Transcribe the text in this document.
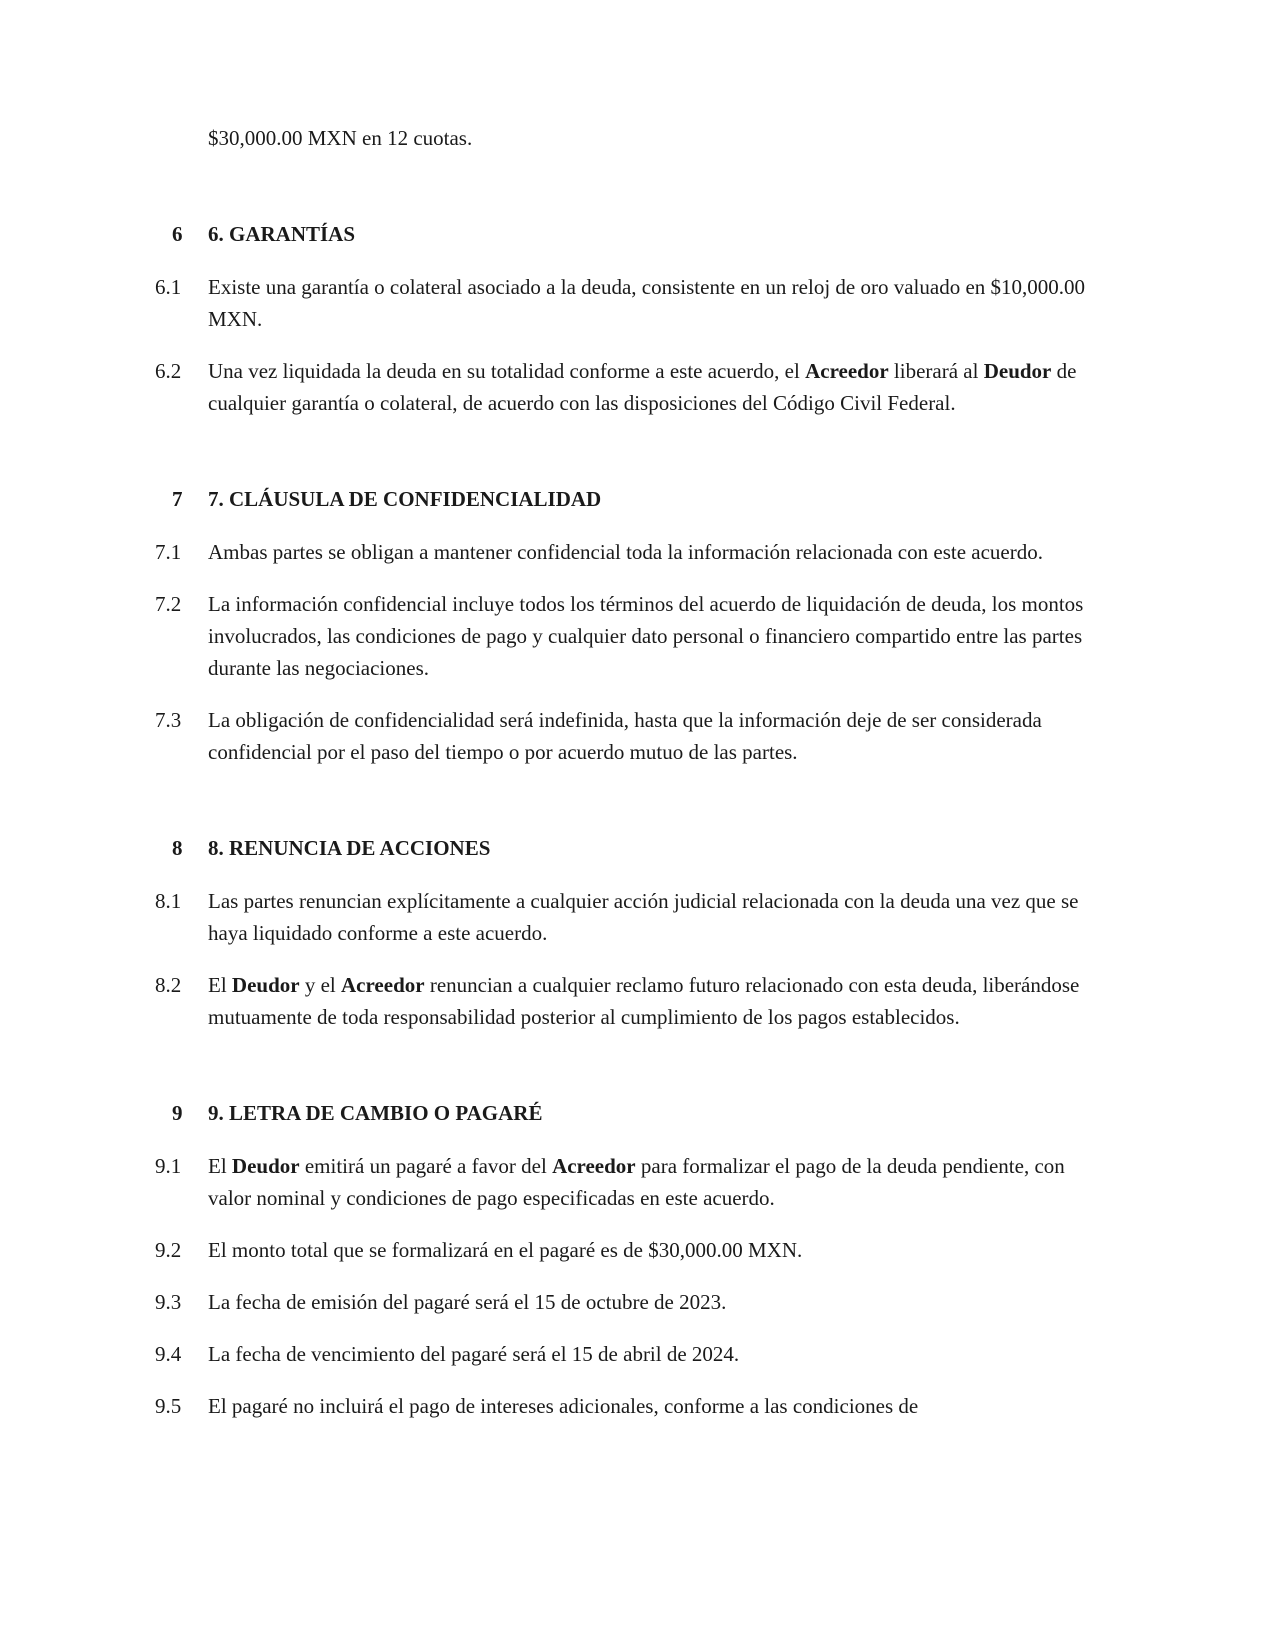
$30,000.00 MXN en 12 cuotas.

6 6. GARANTÍAS
6.1 Existe una garantía o colateral asociado a la deuda, consistente en un reloj de oro valuado en $10,000.00 MXN.

6.2 Una vez liquidada la deuda en su totalidad conforme a este acuerdo, el Acreedor liberará al Deudor de cualquier garantía o colateral, de acuerdo con las disposiciones del Código Civil Federal.

7 7. CLÁUSULA DE CONFIDENCIALIDAD
7.1 Ambas partes se obligan a mantener confidencial toda la información relacionada con este acuerdo.

7.2 La información confidencial incluye todos los términos del acuerdo de liquidación de deuda, los montos involucrados, las condiciones de pago y cualquier dato personal o financiero compartido entre las partes durante las negociaciones.

7.3 La obligación de confidencialidad será indefinida, hasta que la información deje de ser considerada confidencial por el paso del tiempo o por acuerdo mutuo de las partes.

8 8. RENUNCIA DE ACCIONES
8.1 Las partes renuncian explícitamente a cualquier acción judicial relacionada con la deuda una vez que se haya liquidado conforme a este acuerdo.

8.2 El Deudor y el Acreedor renuncian a cualquier reclamo futuro relacionado con esta deuda, liberándose mutuamente de toda responsabilidad posterior al cumplimiento de los pagos establecidos.

9 9. LETRA DE CAMBIO O PAGARÉ
9.1 El Deudor emitirá un pagaré a favor del Acreedor para formalizar el pago de la deuda pendiente, con valor nominal y condiciones de pago especificadas en este acuerdo.

9.2 El monto total que se formalizará en el pagaré es de $30,000.00 MXN.

9.3 La fecha de emisión del pagaré será el 15 de octubre de 2023.

9.4 La fecha de vencimiento del pagaré será el 15 de abril de 2024.

9.5 El pagaré no incluirá el pago de intereses adicionales, conforme a las condiciones de
